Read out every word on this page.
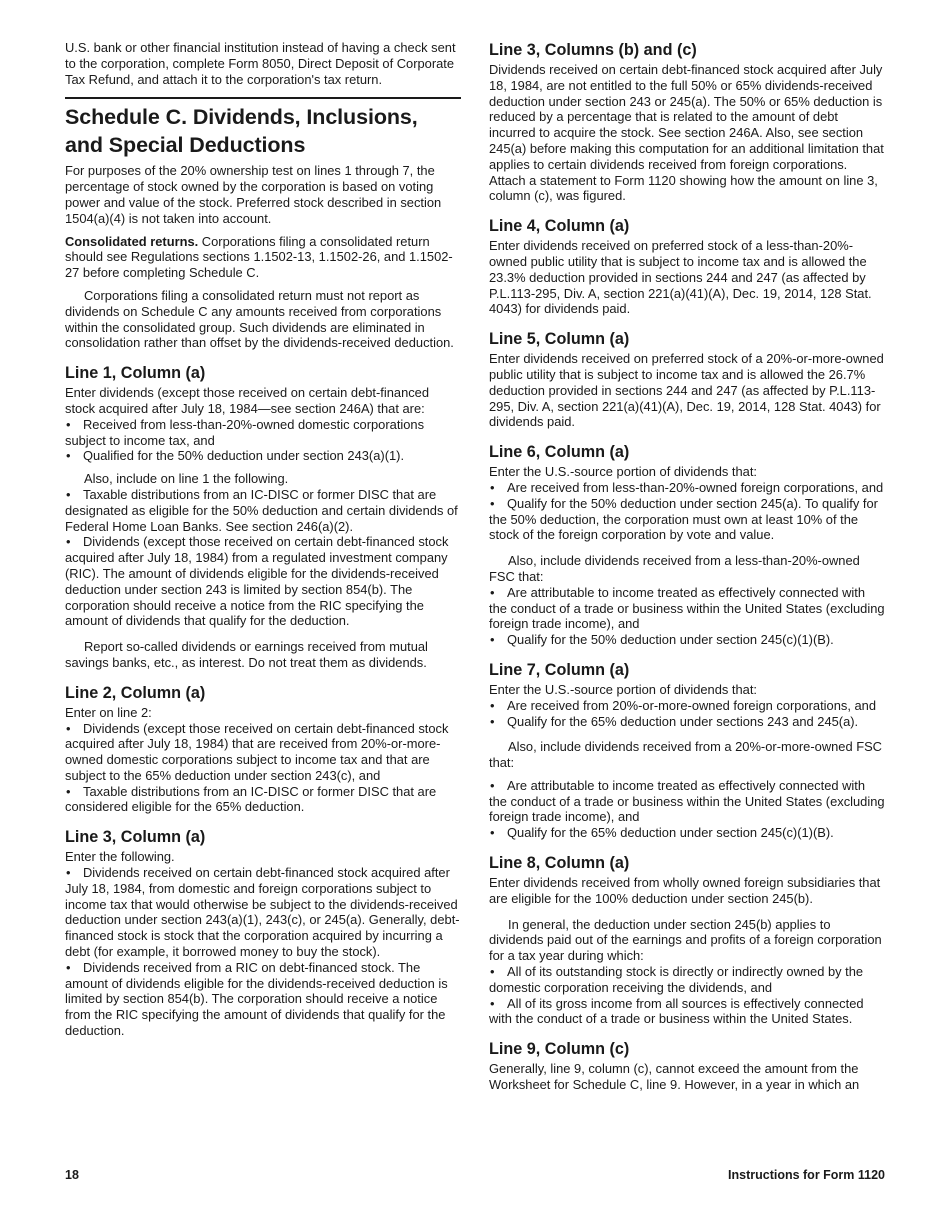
U.S. bank or other financial institution instead of having a check sent to the corporation, complete Form 8050, Direct Deposit of Corporate Tax Refund, and attach it to the corporation's tax return.

Schedule C. Dividends, Inclusions, and Special Deductions

For purposes of the 20% ownership test on lines 1 through 7, the percentage of stock owned by the corporation is based on voting power and value of the stock. Preferred stock described in section 1504(a)(4) is not taken into account.

Consolidated returns. Corporations filing a consolidated return should see Regulations sections 1.1502-13, 1.1502-26, and 1.1502-27 before completing Schedule C.

Corporations filing a consolidated return must not report as dividends on Schedule C any amounts received from corporations within the consolidated group. Such dividends are eliminated in consolidation rather than offset by the dividends-received deduction.

Line 1, Column (a)

Enter dividends (except those received on certain debt-financed stock acquired after July 18, 1984—see section 246A) that are:

• Received from less-than-20%-owned domestic corporations subject to income tax, and

• Qualified for the 50% deduction under section 243(a)(1).

Also, include on line 1 the following.

• Taxable distributions from an IC-DISC or former DISC that are designated as eligible for the 50% deduction and certain dividends of Federal Home Loan Banks. See section 246(a)(2).

• Dividends (except those received on certain debt-financed stock acquired after July 18, 1984) from a regulated investment company (RIC). The amount of dividends eligible for the dividends-received deduction under section 243 is limited by section 854(b). The corporation should receive a notice from the RIC specifying the amount of dividends that qualify for the deduction.

Report so-called dividends or earnings received from mutual savings banks, etc., as interest. Do not treat them as dividends.

Line 2, Column (a)

Enter on line 2:

• Dividends (except those received on certain debt-financed stock acquired after July 18, 1984) that are received from 20%-or-more-owned domestic corporations subject to income tax and that are subject to the 65% deduction under section 243(c), and

• Taxable distributions from an IC-DISC or former DISC that are considered eligible for the 65% deduction.

Line 3, Column (a)

Enter the following.

• Dividends received on certain debt-financed stock acquired after July 18, 1984, from domestic and foreign corporations subject to income tax that would otherwise be subject to the dividends-received deduction under section 243(a)(1), 243(c), or 245(a). Generally, debt-financed stock is stock that the corporation acquired by incurring a debt (for example, it borrowed money to buy the stock).

• Dividends received from a RIC on debt-financed stock. The amount of dividends eligible for the dividends-received deduction is limited by section 854(b). The corporation should receive a notice from the RIC specifying the amount of dividends that qualify for the deduction.

Line 3, Columns (b) and (c)

Dividends received on certain debt-financed stock acquired after July 18, 1984, are not entitled to the full 50% or 65% dividends-received deduction under section 243 or 245(a). The 50% or 65% deduction is reduced by a percentage that is related to the amount of debt incurred to acquire the stock. See section 246A. Also, see section 245(a) before making this computation for an additional limitation that applies to certain dividends received from foreign corporations. Attach a statement to Form 1120 showing how the amount on line 3, column (c), was figured.

Line 4, Column (a)

Enter dividends received on preferred stock of a less-than-20%-owned public utility that is subject to income tax and is allowed the 23.3% deduction provided in sections 244 and 247 (as affected by P.L.113-295, Div. A, section 221(a)(41)(A), Dec. 19, 2014, 128 Stat. 4043) for dividends paid.

Line 5, Column (a)

Enter dividends received on preferred stock of a 20%-or-more-owned public utility that is subject to income tax and is allowed the 26.7% deduction provided in sections 244 and 247 (as affected by P.L.113-295, Div. A, section 221(a)(41)(A), Dec. 19, 2014, 128 Stat. 4043) for dividends paid.

Line 6, Column (a)

Enter the U.S.-source portion of dividends that:

• Are received from less-than-20%-owned foreign corporations, and

• Qualify for the 50% deduction under section 245(a). To qualify for the 50% deduction, the corporation must own at least 10% of the stock of the foreign corporation by vote and value.

Also, include dividends received from a less-than-20%-owned FSC that:

• Are attributable to income treated as effectively connected with the conduct of a trade or business within the United States (excluding foreign trade income), and

• Qualify for the 50% deduction under section 245(c)(1)(B).

Line 7, Column (a)

Enter the U.S.-source portion of dividends that:

• Are received from 20%-or-more-owned foreign corporations, and

• Qualify for the 65% deduction under sections 243 and 245(a).

Also, include dividends received from a 20%-or-more-owned FSC that:

• Are attributable to income treated as effectively connected with the conduct of a trade or business within the United States (excluding foreign trade income), and

• Qualify for the 65% deduction under section 245(c)(1)(B).

Line 8, Column (a)

Enter dividends received from wholly owned foreign subsidiaries that are eligible for the 100% deduction under section 245(b).

In general, the deduction under section 245(b) applies to dividends paid out of the earnings and profits of a foreign corporation for a tax year during which:

• All of its outstanding stock is directly or indirectly owned by the domestic corporation receiving the dividends, and

• All of its gross income from all sources is effectively connected with the conduct of a trade or business within the United States.

Line 9, Column (c)

Generally, line 9, column (c), cannot exceed the amount from the Worksheet for Schedule C, line 9. However, in a year in which an

18	Instructions for Form 1120
